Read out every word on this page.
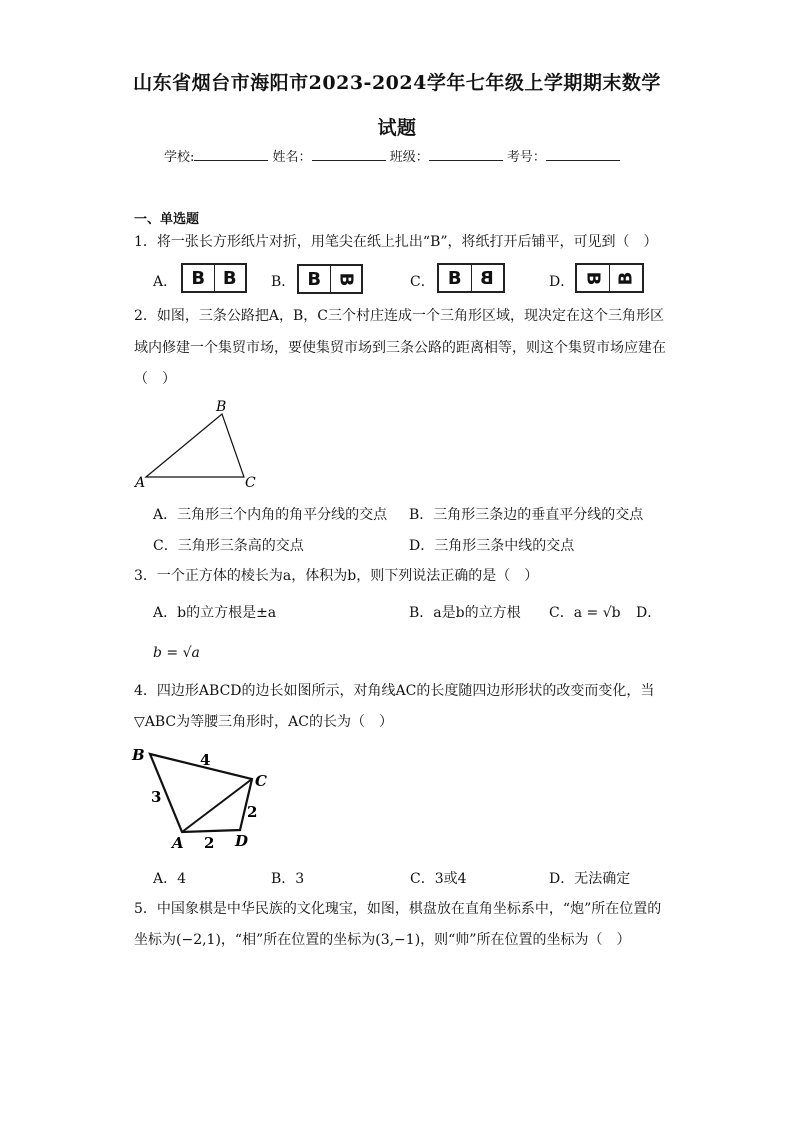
山东省烟台市海阳市2023-2024学年七年级上学期期末数学
试题
学校:	姓名：	班级：	考号：
一、单选题
1．将一张长方形纸片对折，用笔尖在纸上扎出“B”，将纸打开后铺平，可见到（　）
A． B B	B． B B	C． B	B	D． B B
2．如图，三条公路把A，B，C三个村庄连成一个三角形区域，现决定在这个三角形区
域内修建一个集贸市场，要使集贸市场到三条公路的距离相等，则这个集贸市场应建在
（　）
B
A	C
A．三角形三个内角的角平分线的交点 B．三角形三条边的垂直平分线的交点
C．三角形三条高的交点	D．三角形三条中线的交点
3．一个正方体的棱长为a，体积为b，则下列说法正确的是（　）
A．b的立方根是±a	B．a是b的立方根 C．a = √b D．
b = √a
4．四边形ABCD的边长如图所示，对角线AC的长度随四边形形状的改变而变化，当
▽ABC为等腰三角形时，AC的长为（　）
B
C
A	D
4
3
2
2
A．4	B．3	C．3或4	D．无法确定
5．中国象棋是中华民族的文化瑰宝，如图，棋盘放在直角坐标系中，“炮”所在位置的
坐标为(−2,1)，“相”所在位置的坐标为(3,−1)，则“帅”所在位置的坐标为（　）
